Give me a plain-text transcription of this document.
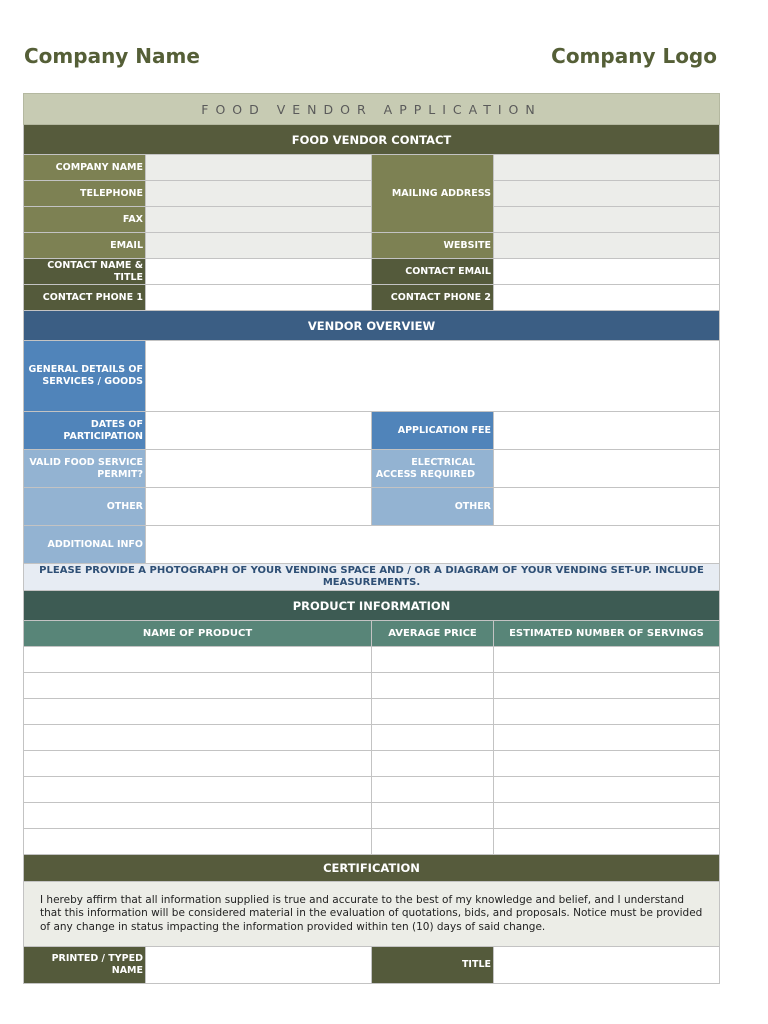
Company Name	Company Logo
FOOD VENDOR APPLICATION			
FOOD VENDOR CONTACT			
COMPANY NAME		MAILING ADDRESS	
TELEPHONE			
FAX			
EMAIL		WEBSITE	
CONTACT NAME & TITLE		CONTACT EMAIL	
CONTACT PHONE 1		CONTACT PHONE 2	
VENDOR OVERVIEW			
GENERAL DETAILS OF SERVICES / GOODS			
DATES OF PARTICIPATION		APPLICATION FEE	
VALID FOOD SERVICE PERMIT?		ELECTRICAL ACCESS REQUIRED	
OTHER		OTHER	
ADDITIONAL INFO			
PLEASE PROVIDE A PHOTOGRAPH OF YOUR VENDING SPACE AND / OR A DIAGRAM OF YOUR VENDING SET-UP. INCLUDE MEASUREMENTS.			
PRODUCT INFORMATION			
NAME OF PRODUCT		AVERAGE PRICE	ESTIMATED NUMBER OF SERVINGS

CERTIFICATION			
I hereby affirm that all information supplied is true and accurate to the best of my knowledge and belief, and I understand that this information will be considered material in the evaluation of quotations, bids, and proposals. Notice must be provided of any change in status impacting the information provided within ten (10) days of said change.			
PRINTED / TYPED NAME		TITLE	
